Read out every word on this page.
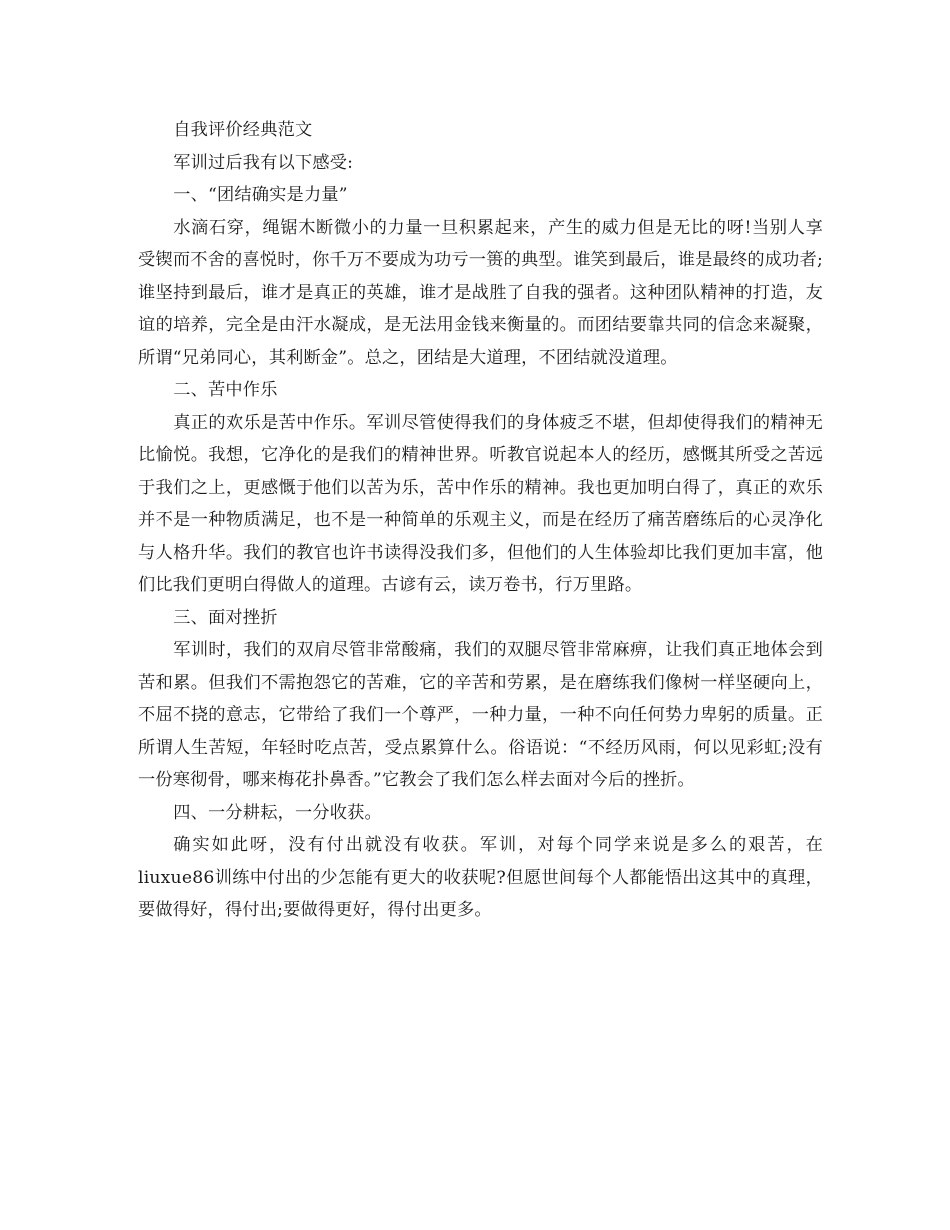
自我评价经典范文

军训过后我有以下感受:

一、“团结确实是力量”

水滴石穿，绳锯木断微小的力量一旦积累起来，产生的威力但是无比的呀!当别人享受锲而不舍的喜悦时，你千万不要成为功亏一篑的典型。谁笑到最后，谁是最终的成功者;谁坚持到最后，谁才是真正的英雄，谁才是战胜了自我的强者。这种团队精神的打造，友谊的培养，完全是由汗水凝成，是无法用金钱来衡量的。而团结要靠共同的信念来凝聚，所谓“兄弟同心，其利断金”。总之，团结是大道理，不团结就没道理。

二、苦中作乐

真正的欢乐是苦中作乐。军训尽管使得我们的身体疲乏不堪，但却使得我们的精神无比愉悦。我想，它净化的是我们的精神世界。听教官说起本人的经历，感慨其所受之苦远于我们之上，更感慨于他们以苦为乐，苦中作乐的精神。我也更加明白得了，真正的欢乐并不是一种物质满足，也不是一种简单的乐观主义，而是在经历了痛苦磨练后的心灵净化与人格升华。我们的教官也许书读得没我们多，但他们的人生体验却比我们更加丰富，他们比我们更明白得做人的道理。古谚有云，读万卷书，行万里路。

三、面对挫折

军训时，我们的双肩尽管非常酸痛，我们的双腿尽管非常麻痹，让我们真正地体会到苦和累。但我们不需抱怨它的苦难，它的辛苦和劳累，是在磨练我们像树一样坚硬向上，不屈不挠的意志，它带给了我们一个尊严，一种力量，一种不向任何势力卑躬的质量。正所谓人生苦短，年轻时吃点苦，受点累算什么。俗语说：“不经历风雨，何以见彩虹;没有一份寒彻骨，哪来梅花扑鼻香。”它教会了我们怎么样去面对今后的挫折。

四、一分耕耘，一分收获。

确实如此呀，没有付出就没有收获。军训，对每个同学来说是多么的艰苦，在liuxue86训练中付出的少怎能有更大的收获呢?但愿世间每个人都能悟出这其中的真理，要做得好，得付出;要做得更好，得付出更多。
